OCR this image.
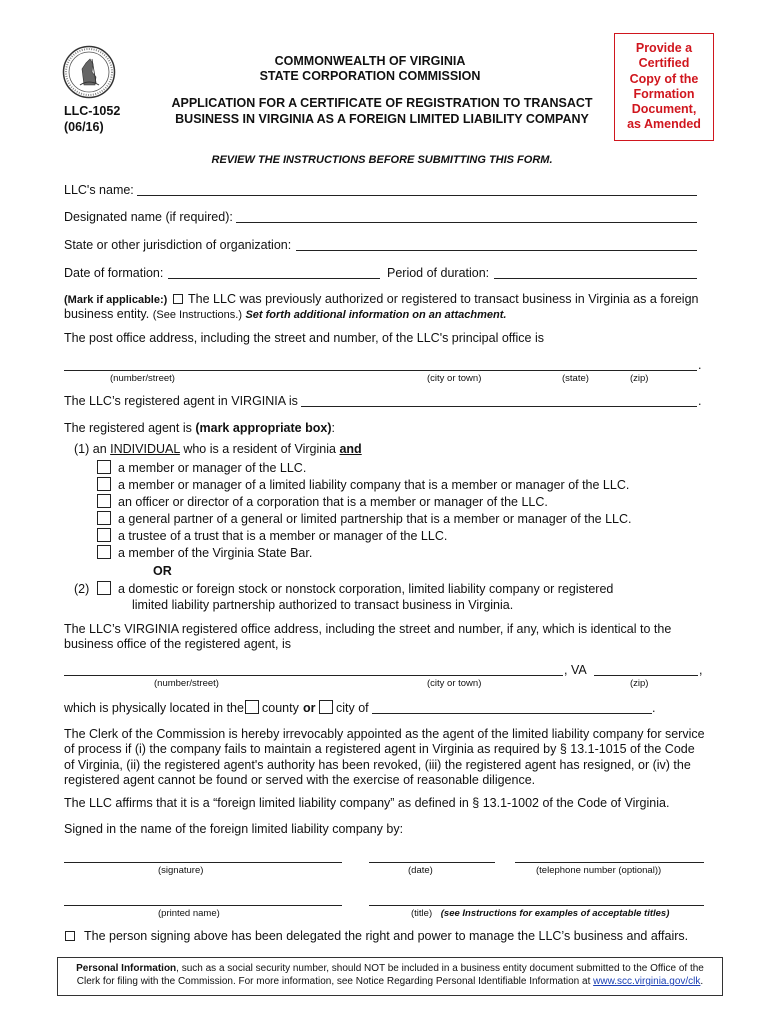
COMMONWEALTH OF VIRGINIA
STATE CORPORATION COMMISSION
LLC-1052
(06/16)
APPLICATION FOR A CERTIFICATE OF REGISTRATION TO TRANSACT
BUSINESS IN VIRGINIA AS A FOREIGN LIMITED LIABILITY COMPANY
Provide a
Certified
Copy of the
Formation
Document,
as Amended
REVIEW THE INSTRUCTIONS BEFORE SUBMITTING THIS FORM.
LLC's name:
Designated name (if required):
State or other jurisdiction of organization:
Date of formation:	Period of duration:
(Mark if applicable:) The LLC was previously authorized or registered to transact business in Virginia as a foreign
business entity. (See Instructions.) Set forth additional information on an attachment.
The post office address, including the street and number, of the LLC's principal office is
.
(number/street)	(city or town)	(state)	(zip)
The LLC’s registered agent in VIRGINIA is	.
The registered agent is (mark appropriate box):
(1) an INDIVIDUAL who is a resident of Virginia and
a member or manager of the LLC.
a member or manager of a limited liability company that is a member or manager of the LLC.
an officer or director of a corporation that is a member or manager of the LLC.
a general partner of a general or limited partnership that is a member or manager of the LLC.
a trustee of a trust that is a member or manager of the LLC.
a member of the Virginia State Bar.
OR
(2) a domestic or foreign stock or nonstock corporation, limited liability company or registered
limited liability partnership authorized to transact business in Virginia.
The LLC’s VIRGINIA registered office address, including the street and number, if any, which is identical to the
business office of the registered agent, is
, VA	,
(number/street)	(city or town)	(zip)
which is physically located in the county or city of	.
The Clerk of the Commission is hereby irrevocably appointed as the agent of the limited liability company for service
of process if (i) the company fails to maintain a registered agent in Virginia as required by § 13.1-1015 of the Code
of Virginia, (ii) the registered agent's authority has been revoked, (iii) the registered agent has resigned, or (iv) the
registered agent cannot be found or served with the exercise of reasonable diligence.
The LLC affirms that it is a “foreign limited liability company” as defined in § 13.1-1002 of the Code of Virginia.
Signed in the name of the foreign limited liability company by:
(signature)	(date)	(telephone number (optional))
(printed name)	(title) (see Instructions for examples of acceptable titles)
The person signing above has been delegated the right and power to manage the LLC’s business and affairs.
Personal Information, such as a social security number, should NOT be included in a business entity document submitted to the Office of the
Clerk for filing with the Commission. For more information, see Notice Regarding Personal Identifiable Information at www.scc.virginia.gov/clk.
